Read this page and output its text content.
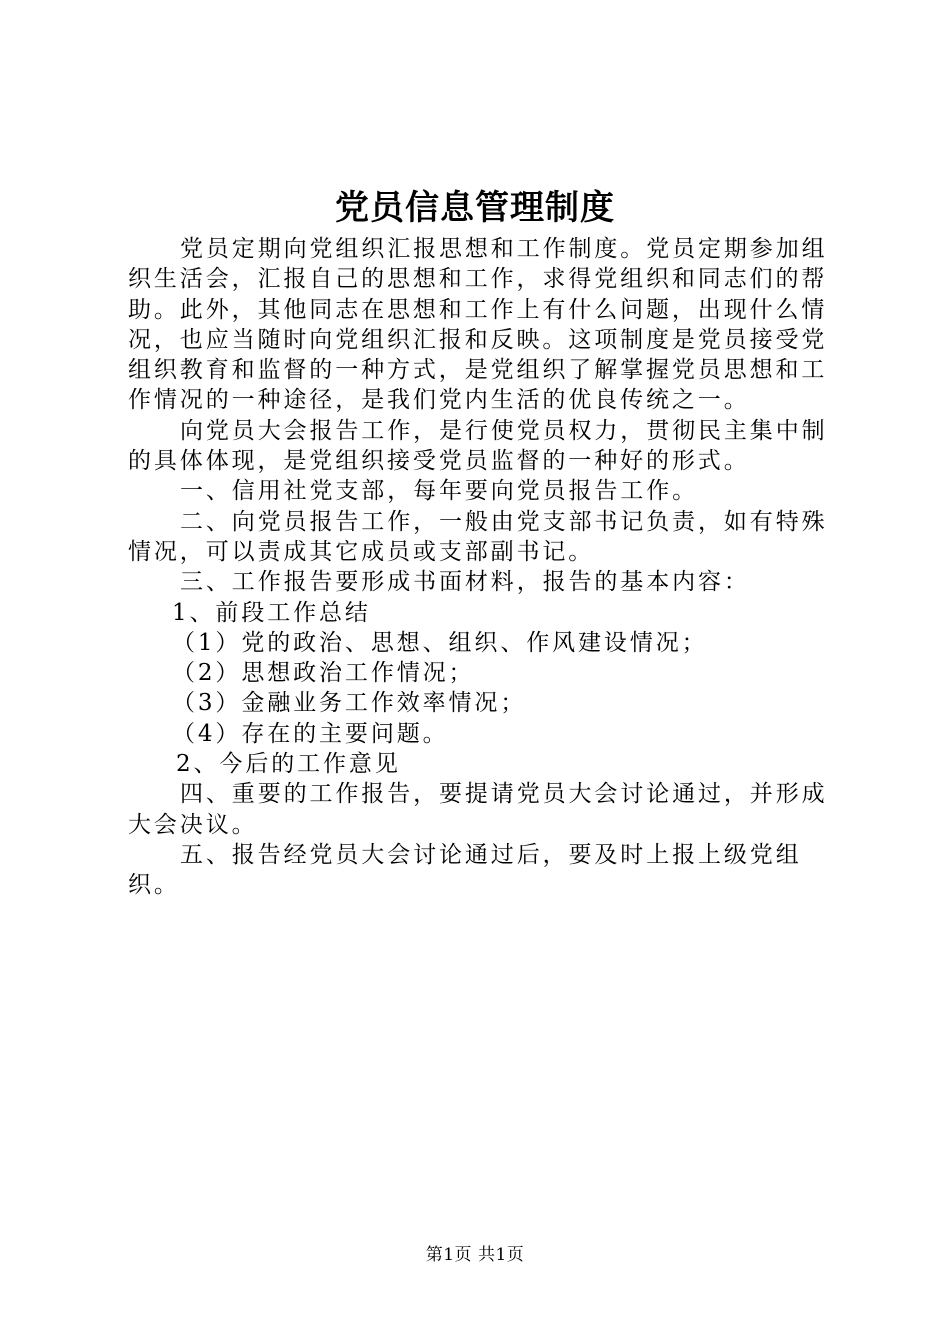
党员信息管理制度

党员定期向党组织汇报思想和工作制度。党员定期参加组织生活会，汇报自己的思想和工作，求得党组织和同志们的帮助。此外，其他同志在思想和工作上有什么问题，出现什么情况，也应当随时向党组织汇报和反映。这项制度是党员接受党组织教育和监督的一种方式，是党组织了解掌握党员思想和工作情况的一种途径，是我们党内生活的优良传统之一。

向党员大会报告工作，是行使党员权力，贯彻民主集中制的具体体现，是党组织接受党员监督的一种好的形式。

一、信用社党支部，每年要向党员报告工作。

二、向党员报告工作，一般由党支部书记负责，如有特殊情况，可以责成其它成员或支部副书记。

三、工作报告要形成书面材料，报告的基本内容：

1、前段工作总结

（1）党的政治、思想、组织、作风建设情况；

（2）思想政治工作情况；

（3）金融业务工作效率情况；

（4）存在的主要问题。

2、今后的工作意见

四、重要的工作报告，要提请党员大会讨论通过，并形成大会决议。

五、报告经党员大会讨论通过后，要及时上报上级党组织。

第1页 共1页
